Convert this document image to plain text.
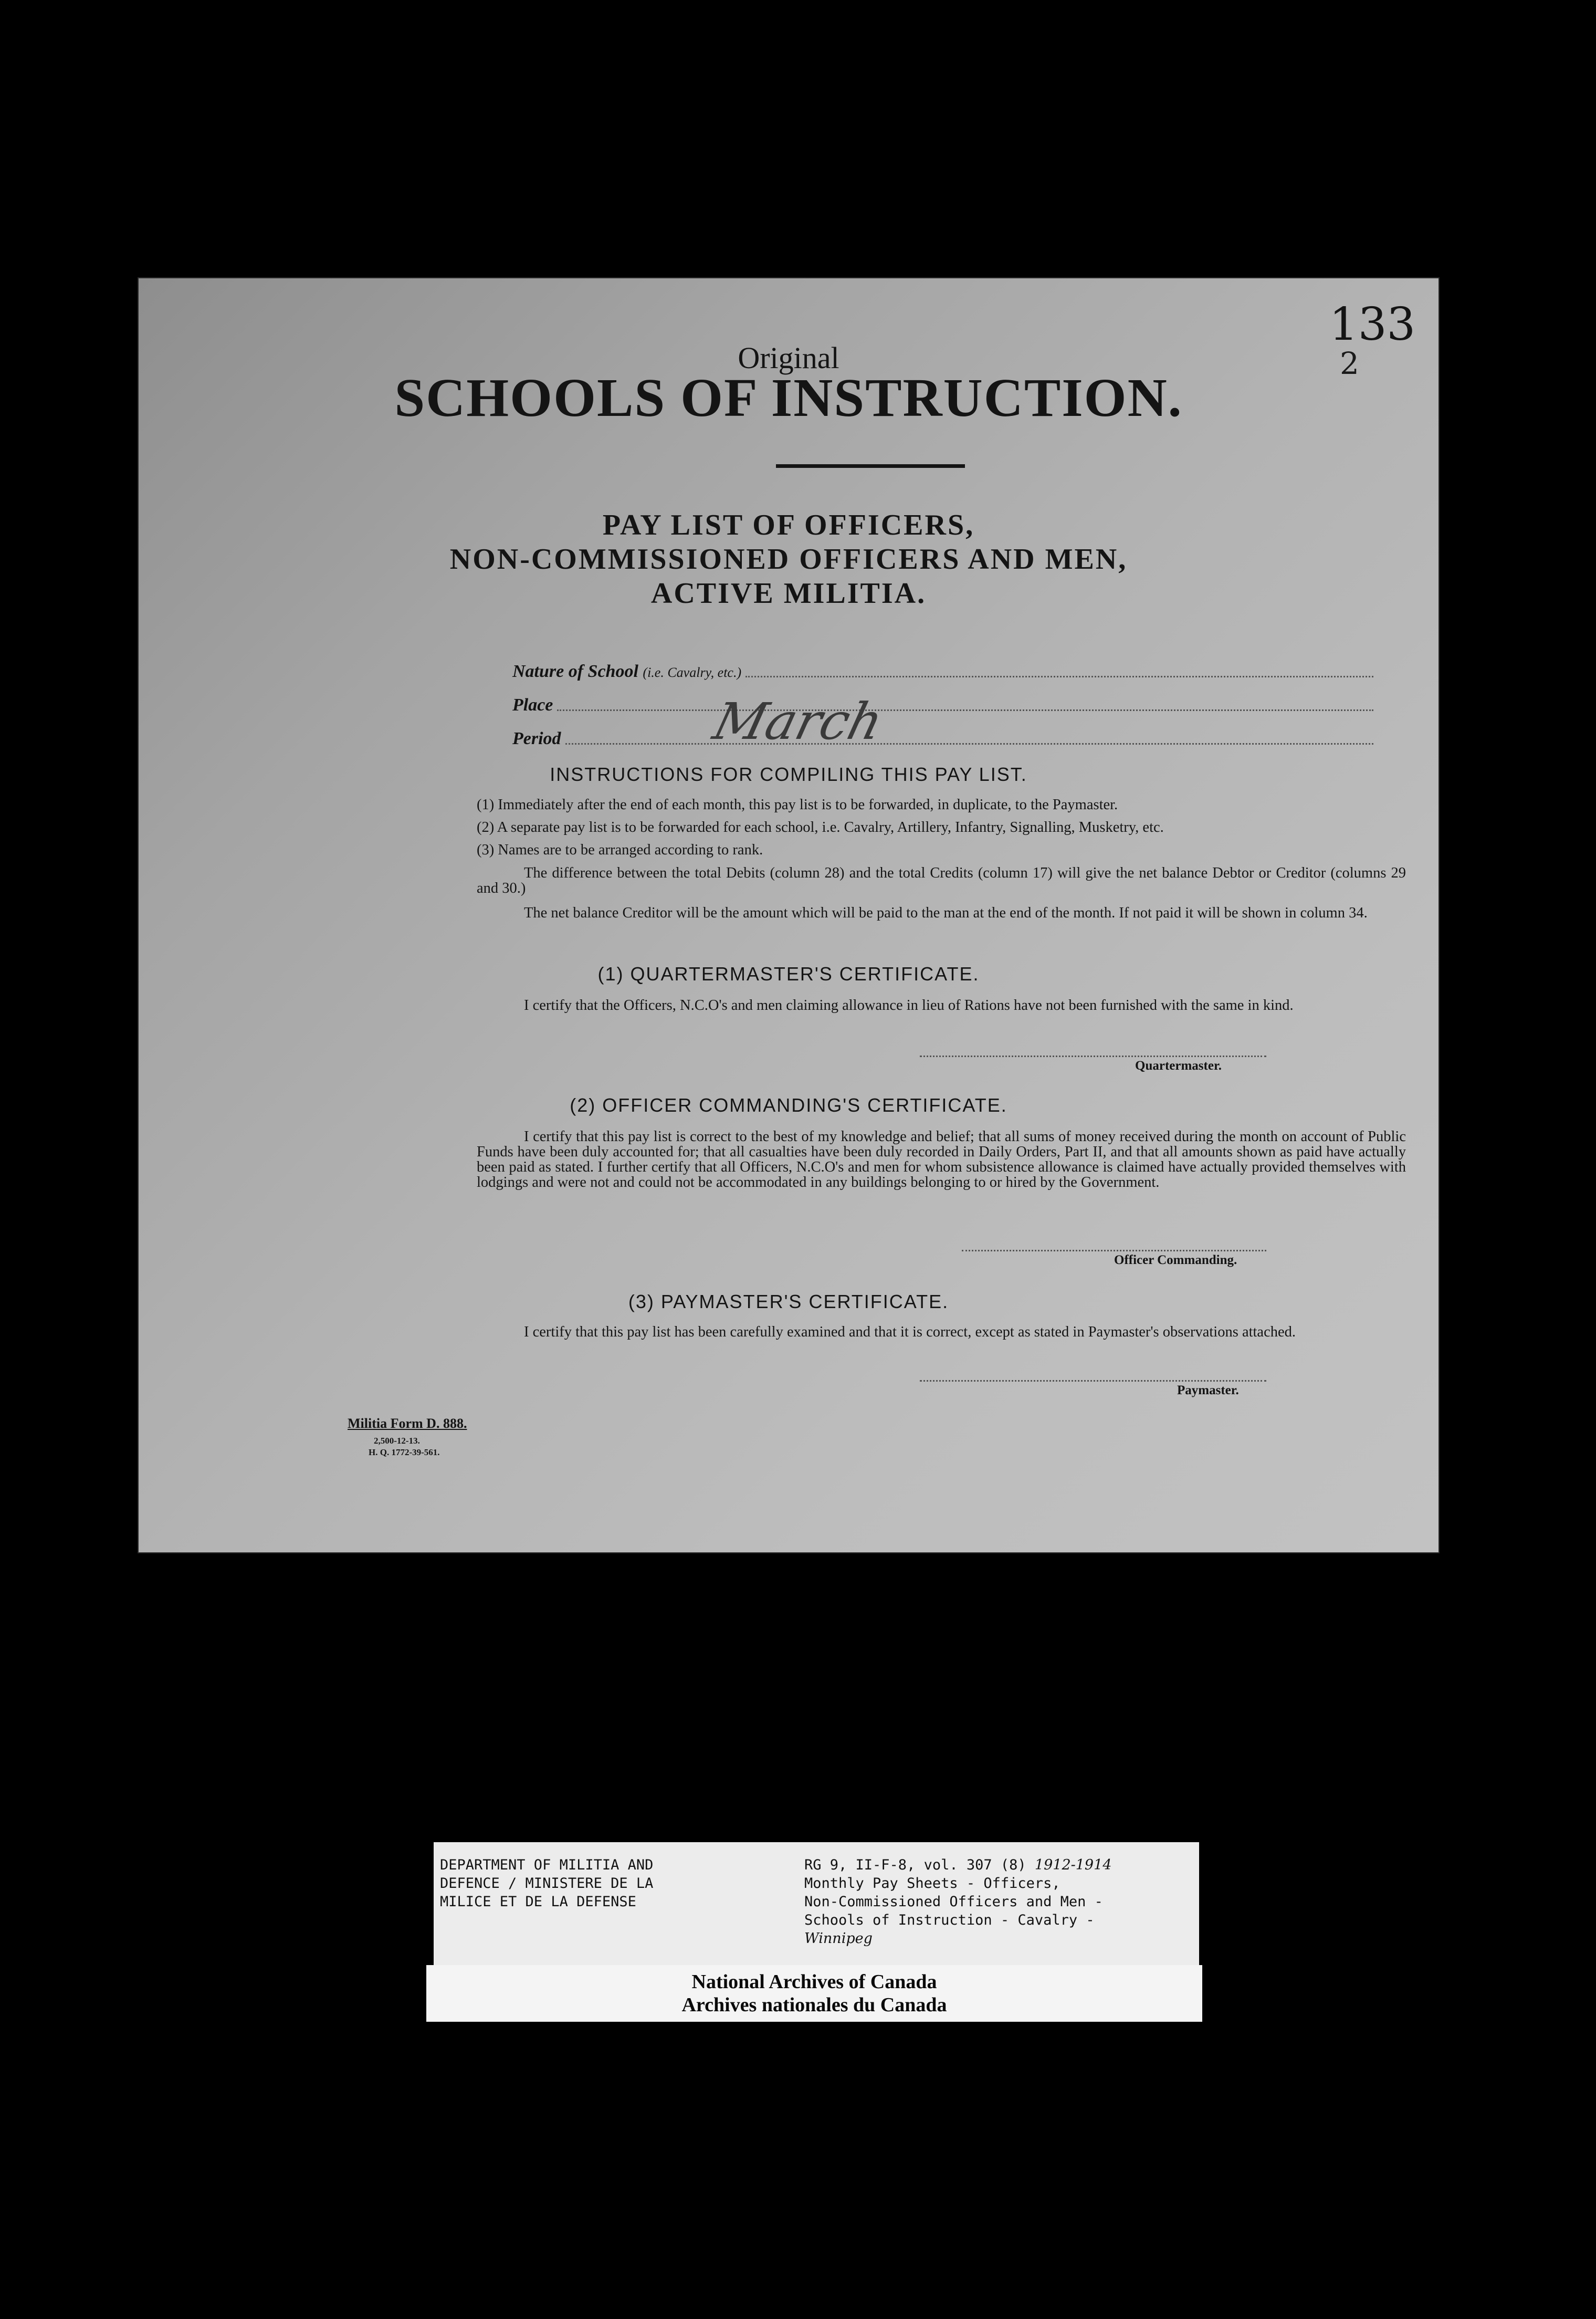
133
2
Original
SCHOOLS OF INSTRUCTION.
PAY LIST OF OFFICERS,
NON-COMMISSIONED OFFICERS AND MEN,
ACTIVE MILITIA.
Nature of School (i.e. Cavalry, etc.)
Place
Period	March
INSTRUCTIONS FOR COMPILING THIS PAY LIST.
(1) Immediately after the end of each month, this pay list is to be forwarded, in duplicate, to the Paymaster.
(2) A separate pay list is to be forwarded for each school, i.e. Cavalry, Artillery, Infantry, Signalling, Musketry, etc.
(3) Names are to be arranged according to rank.
The difference between the total Debits (column 28) and the total Credits (column 17) will give the net balance Debtor or Creditor (columns 29 and 30.)
The net balance Creditor will be the amount which will be paid to the man at the end of the month. If not paid it will be shown in column 34.
(1) QUARTERMASTER'S CERTIFICATE.
I certify that the Officers, N.C.O's and men claiming allowance in lieu of Rations have not been furnished with the same in kind.
Quartermaster.
(2) OFFICER COMMANDING'S CERTIFICATE.
I certify that this pay list is correct to the best of my knowledge and belief; that all sums of money received during the month on account of Public Funds have been duly accounted for; that all casualties have been duly recorded in Daily Orders, Part II, and that all amounts shown as paid have actually been paid as stated. I further certify that all Officers, N.C.O's and men for whom subsistence allowance is claimed have actually provided themselves with lodgings and were not and could not be accommodated in any buildings belonging to or hired by the Government.
Officer Commanding.
(3) PAYMASTER'S CERTIFICATE.
I certify that this pay list has been carefully examined and that it is correct, except as stated in Paymaster's observations attached.
Paymaster.
Militia Form D. 888.
2,500-12-13.
H. Q. 1772-39-561.
DEPARTMENT OF MILITIA AND
DEFENCE / MINISTERE DE LA
MILICE ET DE LA DEFENSE
RG 9, II-F-8, vol. 307 (8) 1912-1914
Monthly Pay Sheets - Officers,
Non-Commissioned Officers and Men -
Schools of Instruction - Cavalry -
Winnipeg
National Archives of Canada
Archives nationales du Canada
